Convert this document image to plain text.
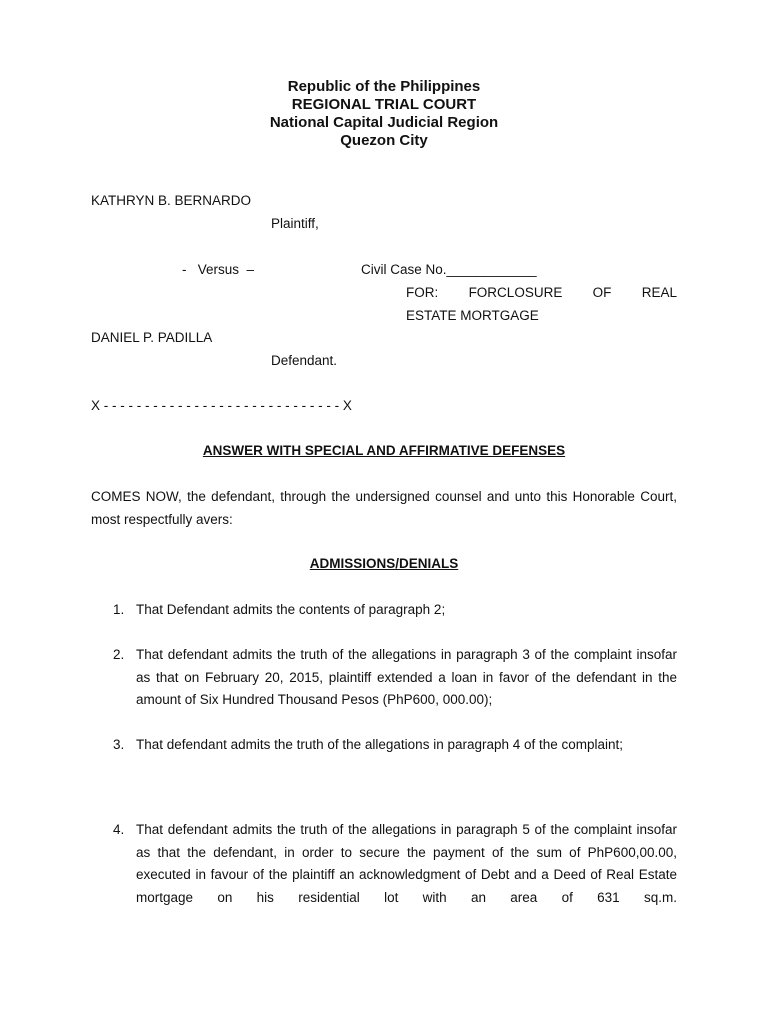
Republic of the Philippines
REGIONAL TRIAL COURT
National Capital Judicial Region
Quezon City
KATHRYN B. BERNARDO
Plaintiff,
-   Versus  –	Civil Case No.____________
FOR: FORCLOSURE OF REAL
ESTATE MORTGAGE
DANIEL P. PADILLA
Defendant.
X - - - - - - - - - - - - - - - - - - - - - - - - - - - - - X
ANSWER WITH SPECIAL AND AFFIRMATIVE DEFENSES
COMES NOW, the defendant, through the undersigned counsel and unto this Honorable Court, most respectfully avers:
ADMISSIONS/DENIALS
1. That Defendant admits the contents of paragraph 2;
2. That defendant admits the truth of the allegations in paragraph 3 of the complaint insofar as that on February 20, 2015, plaintiff extended a loan in favor of the defendant in the amount of Six Hundred Thousand Pesos (PhP600, 000.00);
3. That defendant admits the truth of the allegations in paragraph 4 of the complaint;
4. That defendant admits the truth of the allegations in paragraph 5 of the complaint insofar as that the defendant, in order to secure the payment of the sum of PhP600,00.00, executed in favour of the plaintiff an acknowledgment of Debt and a Deed of Real Estate mortgage on his residential lot with an area of 631 sq.m.
